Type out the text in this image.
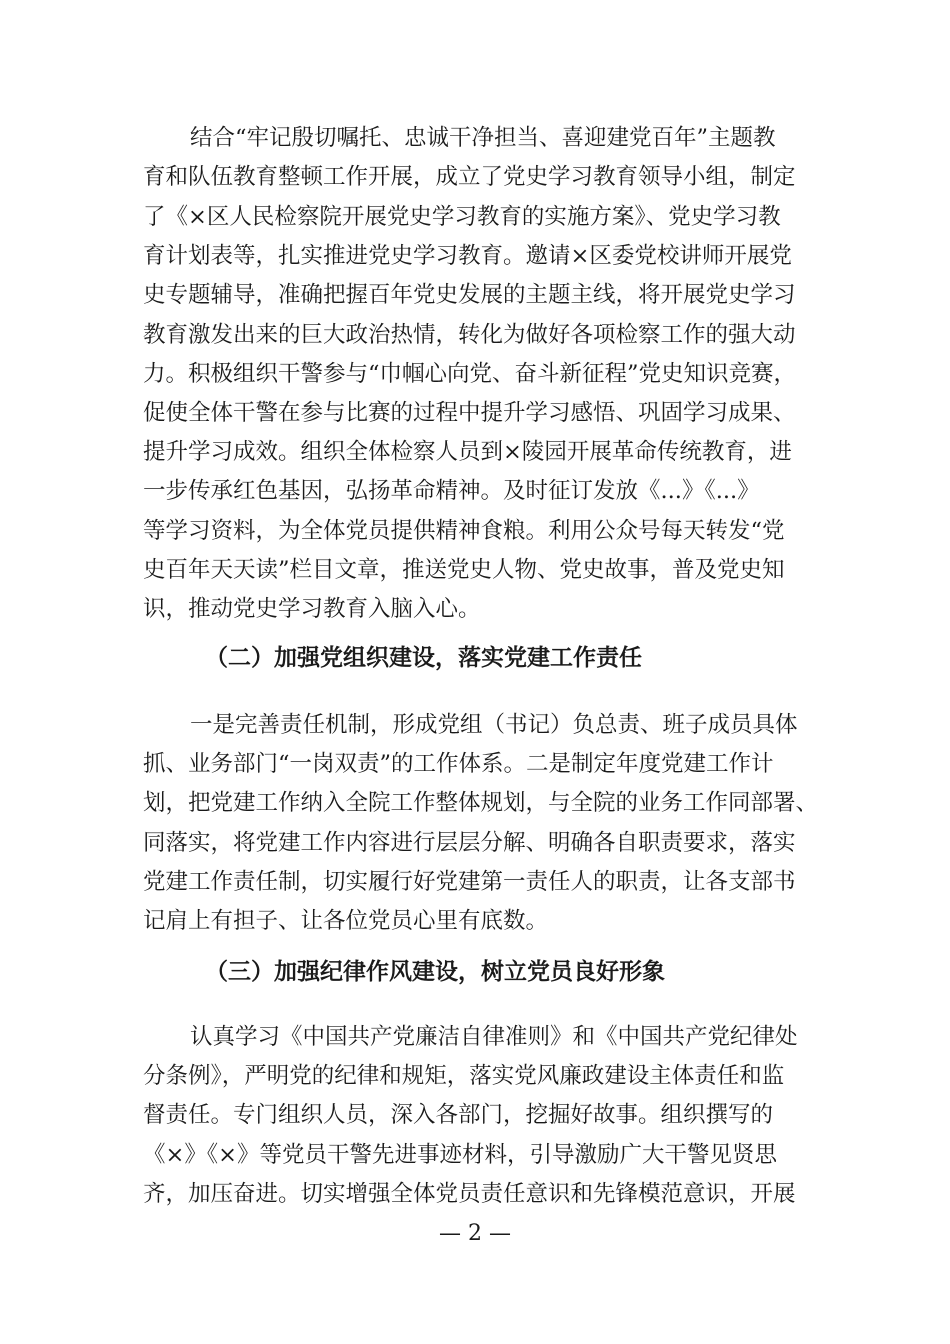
结合“牢记殷切嘱托、忠诚干净担当、喜迎建党百年”主题教
育和队伍教育整顿工作开展，成立了党史学习教育领导小组，制定
了《×区人民检察院开展党史学习教育的实施方案》、党史学习教
育计划表等，扎实推进党史学习教育。邀请×区委党校讲师开展党
史专题辅导，准确把握百年党史发展的主题主线，将开展党史学习
教育激发出来的巨大政治热情，转化为做好各项检察工作的强大动
力。积极组织干警参与“巾帼心向党、奋斗新征程”党史知识竞赛，
促使全体干警在参与比赛的过程中提升学习感悟、巩固学习成果、
提升学习成效。组织全体检察人员到×陵园开展革命传统教育，进
一步传承红色基因，弘扬革命精神。及时征订发放《...》《...》
等学习资料，为全体党员提供精神食粮。利用公众号每天转发“党
史百年天天读”栏目文章，推送党史人物、党史故事，普及党史知
识，推动党史学习教育入脑入心。
（二）加强党组织建设，落实党建工作责任
一是完善责任机制，形成党组（书记）负总责、班子成员具体
抓、业务部门“一岗双责”的工作体系。二是制定年度党建工作计
划，把党建工作纳入全院工作整体规划，与全院的业务工作同部署、
同落实，将党建工作内容进行层层分解、明确各自职责要求，落实
党建工作责任制，切实履行好党建第一责任人的职责，让各支部书
记肩上有担子、让各位党员心里有底数。
（三）加强纪律作风建设，树立党员良好形象
认真学习《中国共产党廉洁自律准则》和《中国共产党纪律处
分条例》，严明党的纪律和规矩，落实党风廉政建设主体责任和监
督责任。专门组织人员，深入各部门，挖掘好故事。组织撰写的
《×》《×》等党员干警先进事迹材料，引导激励广大干警见贤思
齐，加压奋进。切实增强全体党员责任意识和先锋模范意识，开展
— 2 —
